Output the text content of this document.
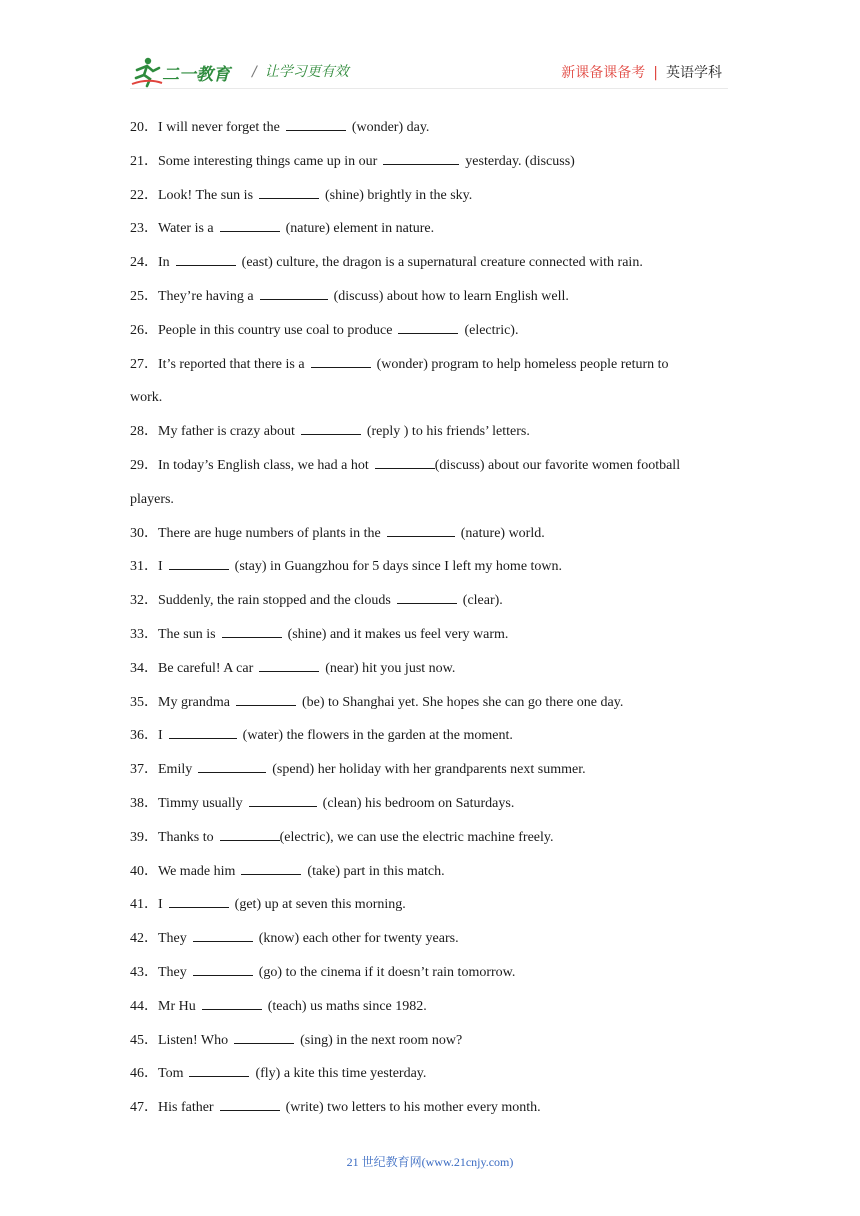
二一教育 / 让学习更有效	新课备课备考 | 英语学科
20．I will never forget the	(wonder) day.
21．Some interesting things came up in our	yesterday. (discuss)
22．Look! The sun is	(shine) brightly in the sky.
23．Water is a	(nature) element in nature.
24．In	(east) culture, the dragon is a supernatural creature connected with rain.
25．They’re having a	(discuss) about how to learn English well.
26．People in this country use coal to produce	(electric).
27．It’s reported that there is a	(wonder) program to help homeless people return to
work.
28．My father is crazy about	(reply ) to his friends’ letters.
29．In today’s English class, we had a hot	(discuss) about our favorite women football
players.
30．There are huge numbers of plants in the	(nature) world.
31．I	(stay) in Guangzhou for 5 days since I left my home town.
32．Suddenly, the rain stopped and the clouds	(clear).
33．The sun is	(shine) and it makes us feel very warm.
34．Be careful! A car	(near) hit you just now.
35．My grandma	(be) to Shanghai yet. She hopes she can go there one day.
36．I	(water) the flowers in the garden at the moment.
37．Emily	(spend) her holiday with her grandparents next summer.
38．Timmy usually	(clean) his bedroom on Saturdays.
39．Thanks to	(electric), we can use the electric machine freely.
40．We made him	(take) part in this match.
41．I	(get) up at seven this morning.
42．They	(know) each other for twenty years.
43．They	(go) to the cinema if it doesn’t rain tomorrow.
44．Mr Hu	(teach) us maths since 1982.
45．Listen! Who	(sing) in the next room now?
46．Tom	(fly) a kite this time yesterday.
47．His father	(write) two letters to his mother every month.
21 世纪教育网(www.21cnjy.com)
